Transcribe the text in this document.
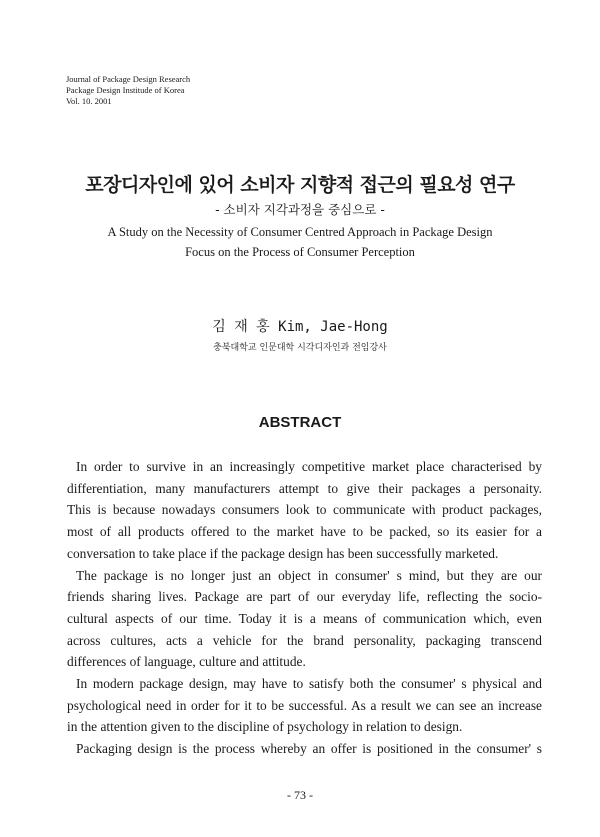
Journal of Package Design Research
Package Design Institude of Korea
Vol. 10. 2001
포장디자인에 있어 소비자 지향적 접근의 필요성 연구
- 소비자 지각과정을 중심으로 -
A Study on the Necessity of Consumer Centred Approach in Package Design
Focus on the Process of Consumer Perception
김 재 홍 Kim, Jae-Hong
충북대학교 인문대학 시각디자인과 전임강사
ABSTRACT

In order to survive in an increasingly competitive market place characterised by
differentiation, many manufacturers attempt to give their packages a personaity.
This is because nowadays consumers look to communicate with product packages,
most of all products offered to the market have to be packed, so its easier for a
conversation to take place if the package design has been successfully marketed.

The package is no longer just an object in consumer' s mind, but they are our
friends sharing lives. Package are part of our everyday life, reflecting the socio-
cultural aspects of our time. Today it is a means of communication which, even
across cultures, acts a vehicle for the brand personality, packaging transcend
differences of language, culture and attitude.

In modern package design, may have to satisfy both the consumer' s physical and
psychological need in order for it to be successful. As a result we can see an increase
in the attention given to the discipline of psychology in relation to design.

Packaging design is the process whereby an offer is positioned in the consumer' s

- 73 -
